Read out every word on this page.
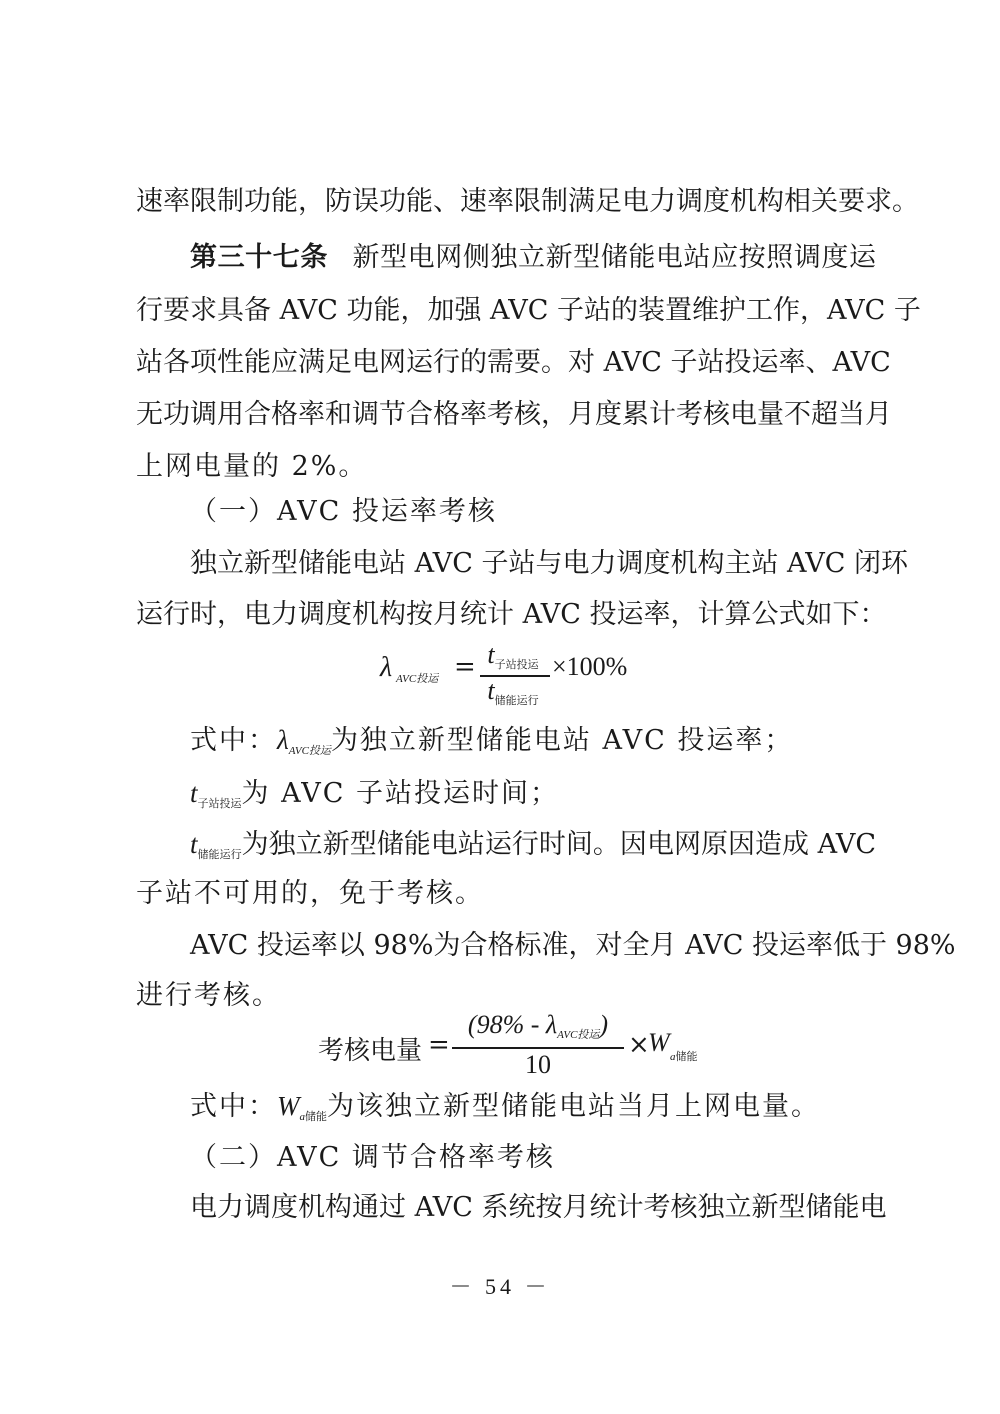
速率限制功能，防误功能、速率限制满足电力调度机构相关要求。
第三十七条 新型电网侧独立新型储能电站应按照调度运
行要求具备 AVC 功能，加强 AVC 子站的装置维护工作，AVC 子
站各项性能应满足电网运行的需要。对 AVC 子站投运率、AVC
无功调用合格率和调节合格率考核，月度累计考核电量不超当月
上网电量的 2%。
（一）AVC 投运率考核
独立新型储能电站 AVC 子站与电力调度机构主站 AVC 闭环
运行时，电力调度机构按月统计 AVC 投运率，计算公式如下：
λ AVC投运 = $t_{子站投运}$
$t_{储能运行}$
×100%
式中：$\lambda_{AVC投运}$为独立新型储能电站 AVC 投运率；
$t_{子站投运}$为 AVC 子站投运时间；
$t_{储能运行}$为独立新型储能电站运行时间。因电网原因造成 AVC
子站不可用的，免于考核。
AVC 投运率以 98%为合格标准，对全月 AVC 投运率低于 98%
进行考核。
考核电量 =
$(98\% - \lambda_{AVC投运})$
10
×
W a储能
式中：$W_{a储能}$为该独立新型储能电站当月上网电量。
（二）AVC 调节合格率考核
电力调度机构通过 AVC 系统按月统计考核独立新型储能电
－ 54 －
